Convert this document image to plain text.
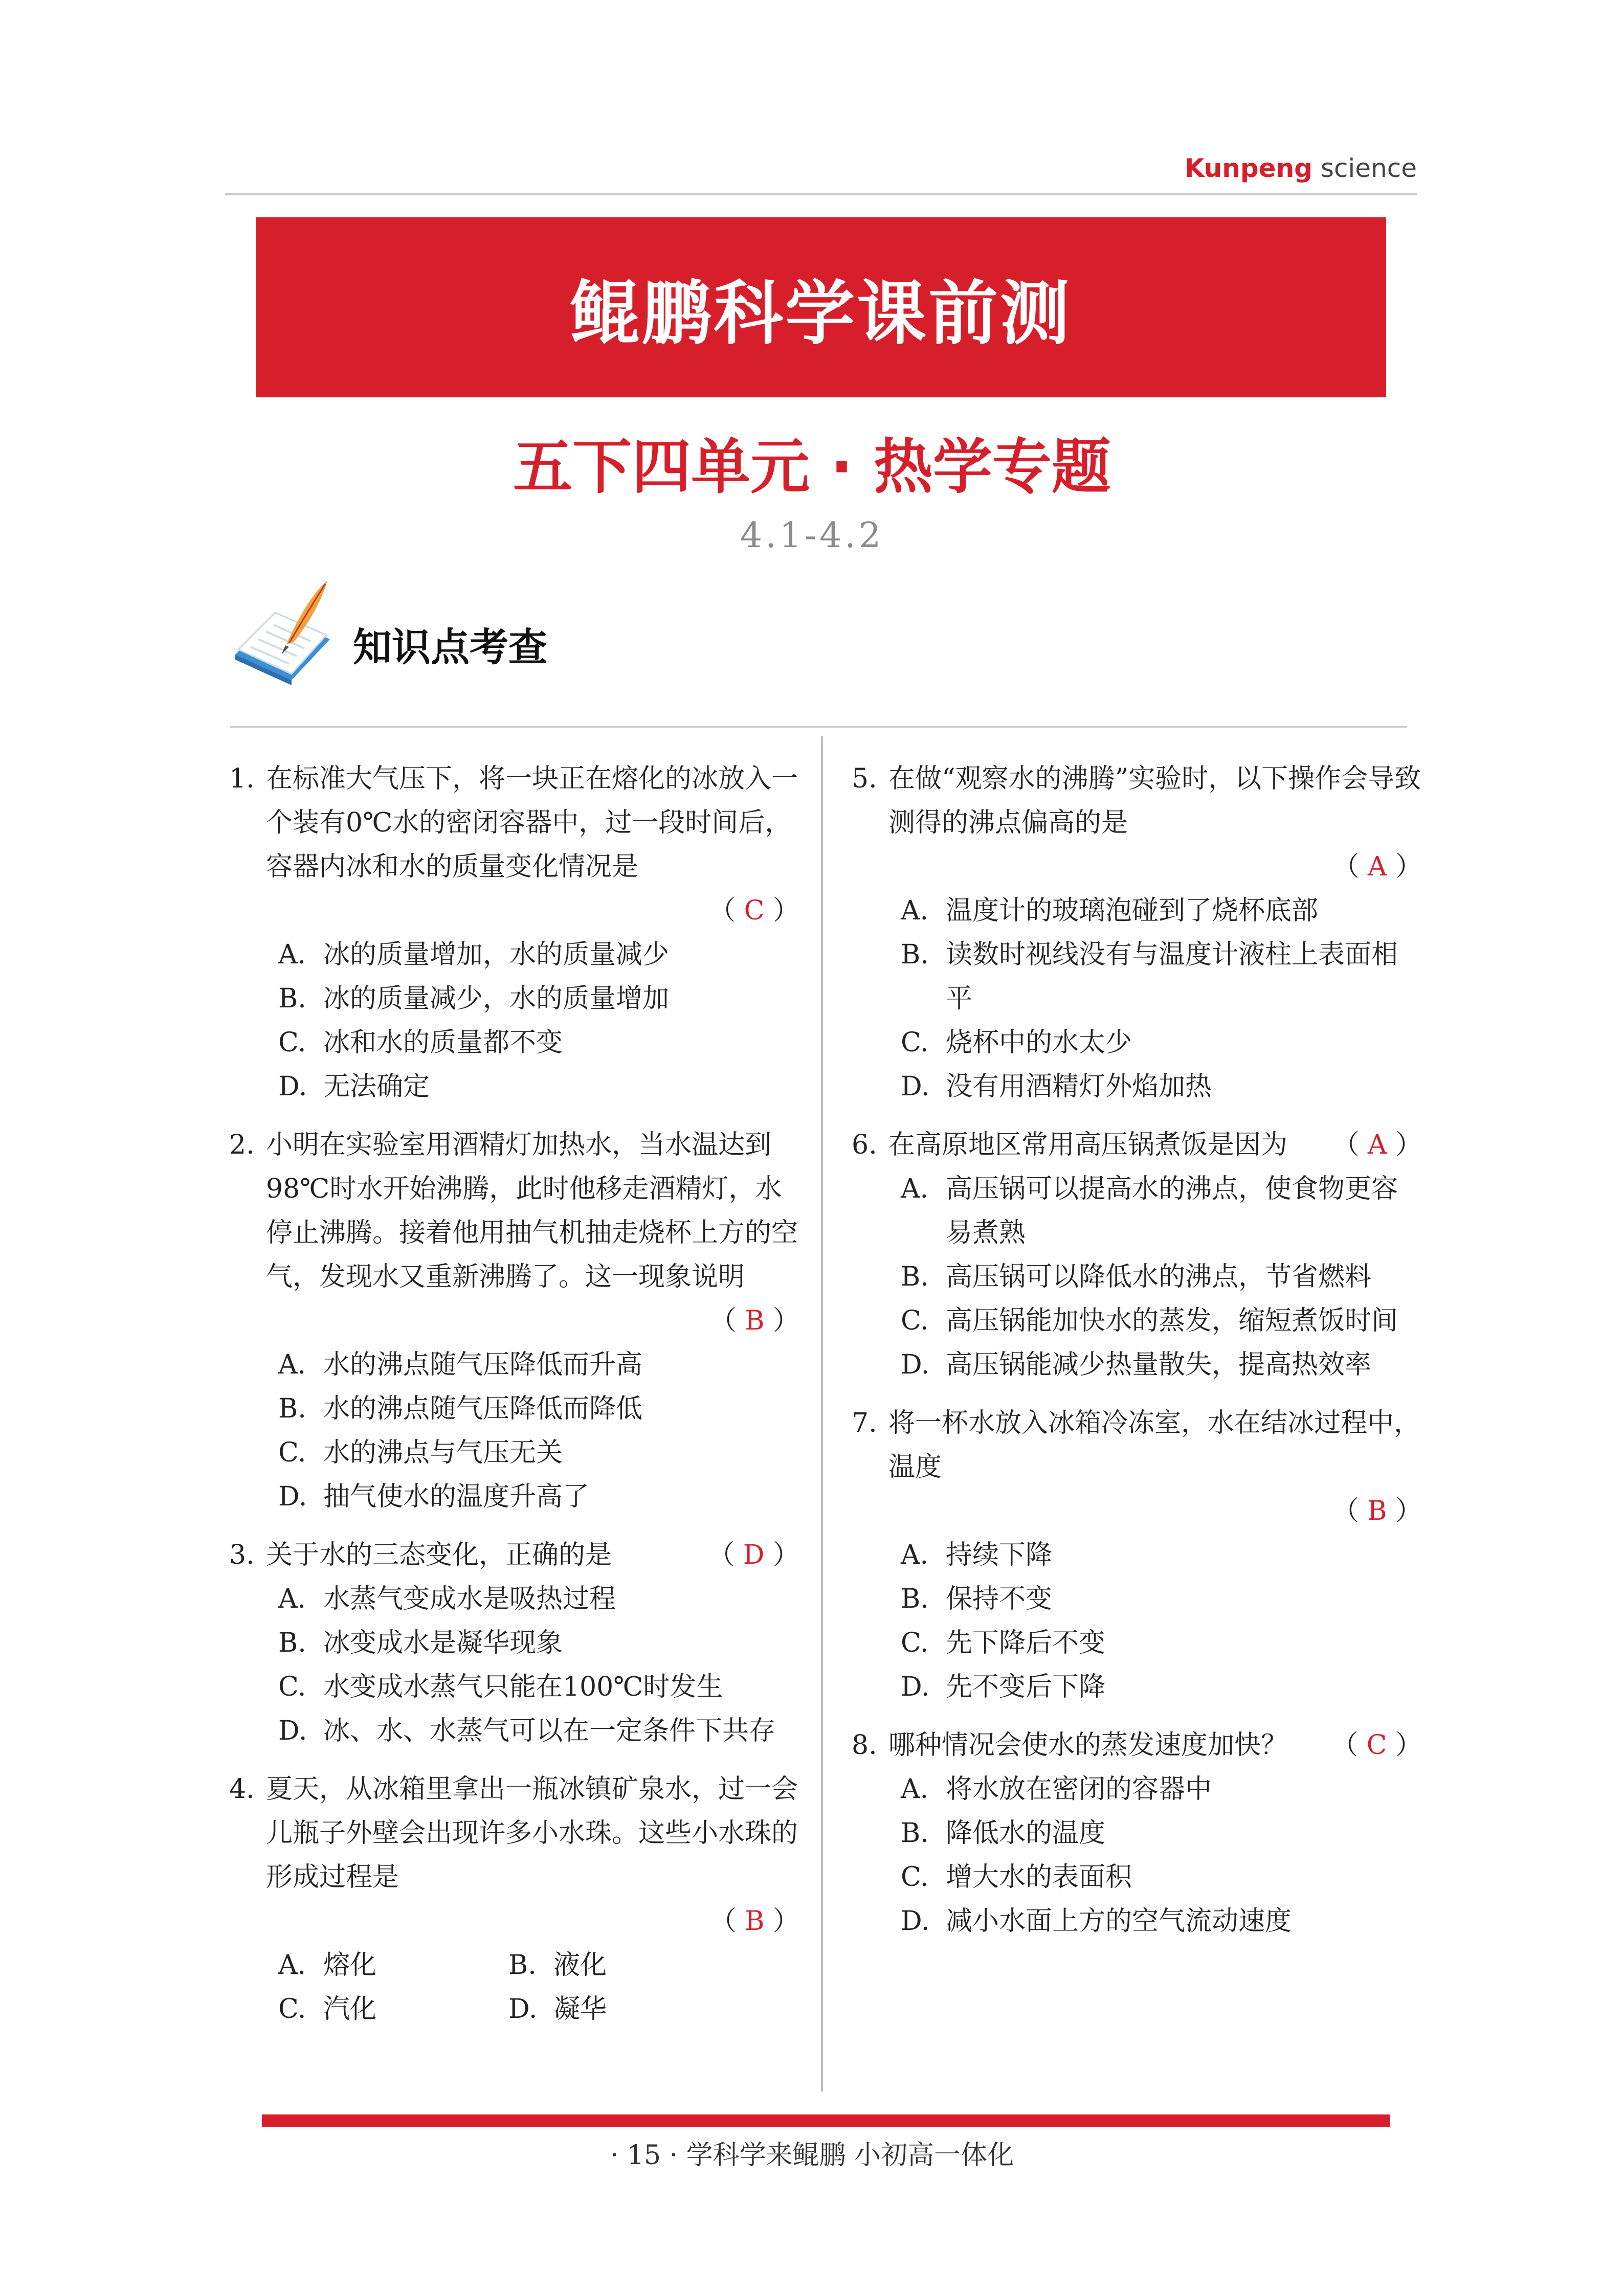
Kunpeng science
鲲鹏科学课前测
五下四单元 · 热学专题
4.1-4.2
知识点考查
1. 在标准大气压下，将一块正在熔化的冰放入一个装有0℃水的密闭容器中，过一段时间后，容器内冰和水的质量变化情况是
（ C ）
A. 冰的质量增加，水的质量减少
B. 冰的质量减少，水的质量增加
C. 冰和水的质量都不变
D. 无法确定
2. 小明在实验室用酒精灯加热水，当水温达到98℃时水开始沸腾，此时他移走酒精灯，水停止沸腾。接着他用抽气机抽走烧杯上方的空气，发现水又重新沸腾了。这一现象说明
（ B ）
A. 水的沸点随气压降低而升高
B. 水的沸点随气压降低而降低
C. 水的沸点与气压无关
D. 抽气使水的温度升高了
3. 关于水的三态变化，正确的是	（ D ）
A. 水蒸气变成水是吸热过程
B. 冰变成水是凝华现象
C. 水变成水蒸气只能在100℃时发生
D. 冰、水、水蒸气可以在一定条件下共存
4. 夏天，从冰箱里拿出一瓶冰镇矿泉水，过一会儿瓶子外壁会出现许多小水珠。这些小水珠的形成过程是
（ B ）
A. 熔化	B. 液化
C. 汽化	D. 凝华
5. 在做“观察水的沸腾”实验时，以下操作会导致测得的沸点偏高的是
（ A ）
A. 温度计的玻璃泡碰到了烧杯底部
B. 读数时视线没有与温度计液柱上表面相平
C. 烧杯中的水太少
D. 没有用酒精灯外焰加热
6. 在高原地区常用高压锅煮饭是因为	（ A ）
A. 高压锅可以提高水的沸点，使食物更容易煮熟
B. 高压锅可以降低水的沸点，节省燃料
C. 高压锅能加快水的蒸发，缩短煮饭时间
D. 高压锅能减少热量散失，提高热效率
7. 将一杯水放入冰箱冷冻室，水在结冰过程中，温度
（ B ）
A. 持续下降
B. 保持不变
C. 先下降后不变
D. 先不变后下降
8. 哪种情况会使水的蒸发速度加快？	（ C ）
A. 将水放在密闭的容器中
B. 降低水的温度
C. 增大水的表面积
D. 减小水面上方的空气流动速度
· 15 · 学科学来鲲鹏 小初高一体化
